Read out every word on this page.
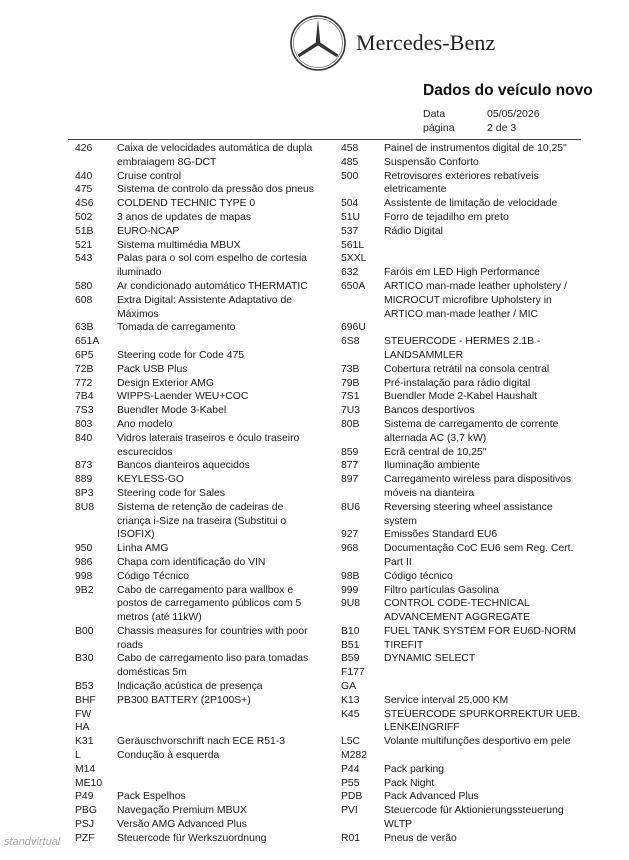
Mercedes-Benz
Dados do veículo novo
Data	05/05/2026
página	2 de 3
426	Caixa de velocidades automática de dupla
embraiagem 8G-DCT
440	Cruise control
475	Sistema de controlo da pressão dos pneus
4S6	COLDEND TECHNIC TYPE 0
502	3 anos de updates de mapas
51B	EURO-NCAP
521	Sistema multimédia MBUX
543	Palas para o sol com espelho de cortesia
iluminado
580	Ar condicionado automático THERMATIC
608	Extra Digital: Assistente Adaptativo de
Máximos
63B	Tomada de carregamento
651A
6P5	Steering code for Code 475
72B	Pack USB Plus
772	Design Exterior AMG
7B4	WIPPS-Laender WEU+COC
7S3	Buendler Mode 3-Kabel
803	Ano modelo
840	Vidros laterais traseiros e óculo traseiro
escurecidos
873	Bancos dianteiros aquecidos
889	KEYLESS-GO
8P3	Steering code for Sales
8U8	Sistema de retenção de cadeiras de
criança i-Size na traseira (Substitui o
ISOFIX)
950	Linha AMG
986	Chapa com identificação do VIN
998	Código Técnico
9B2	Cabo de carregamento para wallbox e
postos de carregamento públicos com 5
metros (até 11kW)
B00	Chassis measures for countries with poor
roads
B30	Cabo de carregamento liso para tomadas
domésticas 5m
B53	Indicação acústica de presença
BHF	PB300 BATTERY (2P100S+)
FW
HA
K31	Geräuschvorschrift nach ECE R51-3
L	Condução à esquerda
M14
ME10
P49	Pack Espelhos
PBG	Navegação Premium MBUX
PSJ	Versão AMG Advanced Plus
PZF	Steuercode für Werkszuordnung
458	Painel de instrumentos digital de 10,25"
485	Suspensão Conforto
500	Retrovisores exteriores rebatíveis
eletricamente
504	Assistente de limitação de velocidade
51U	Forro de tejadilho em preto
537	Rádio Digital
561L
5XXL
632	Faróis em LED High Performance
650A	ARTICO man-made leather upholstery /
MICROCUT microfibre Upholstery in
ARTICO man-made leather / MIC
696U
6S8	STEUERCODE - HERMES 2.1B -
LANDSAMMLER
73B	Cobertura retrátil na consola central
79B	Pré-instalação para rádio digital
7S1	Buendler Mode 2-Kabel Haushalt
7U3	Bancos desportivos
80B	Sistema de carregamento de corrente
alternada AC (3,7 kW)
859	Ecrã central de 10,25"
877	Iluminação ambiente
897	Carregamento wireless para dispositivos
móveis na dianteira
8U6	Reversing steering wheel assistance
system
927	Emissões Standard EU6
968	Documentação CoC EU6 sem Reg. Cert.
Part II
98B	Código técnico
999	Filtro partículas Gasolina
9U8	CONTROL CODE-TECHNICAL
ADVANCEMENT AGGREGATE
B10	FUEL TANK SYSTEM FOR EU6D-NORM
B51	TIREFIT
B59	DYNAMIC SELECT
F177
GA
K13	Service interval 25,000 KM
K45	STEUERCODE SPURKORREKTUR UEB.
LENKEINGRIFF
L5C	Volante multifunções desportivo em pele
M282
P44	Pack parking
P55	Pack Night
PDB	Pack Advanced Plus
PVI	Steuercode für Aktionierungssteuerung
WLTP
R01	Pneus de verão
standvirtual
